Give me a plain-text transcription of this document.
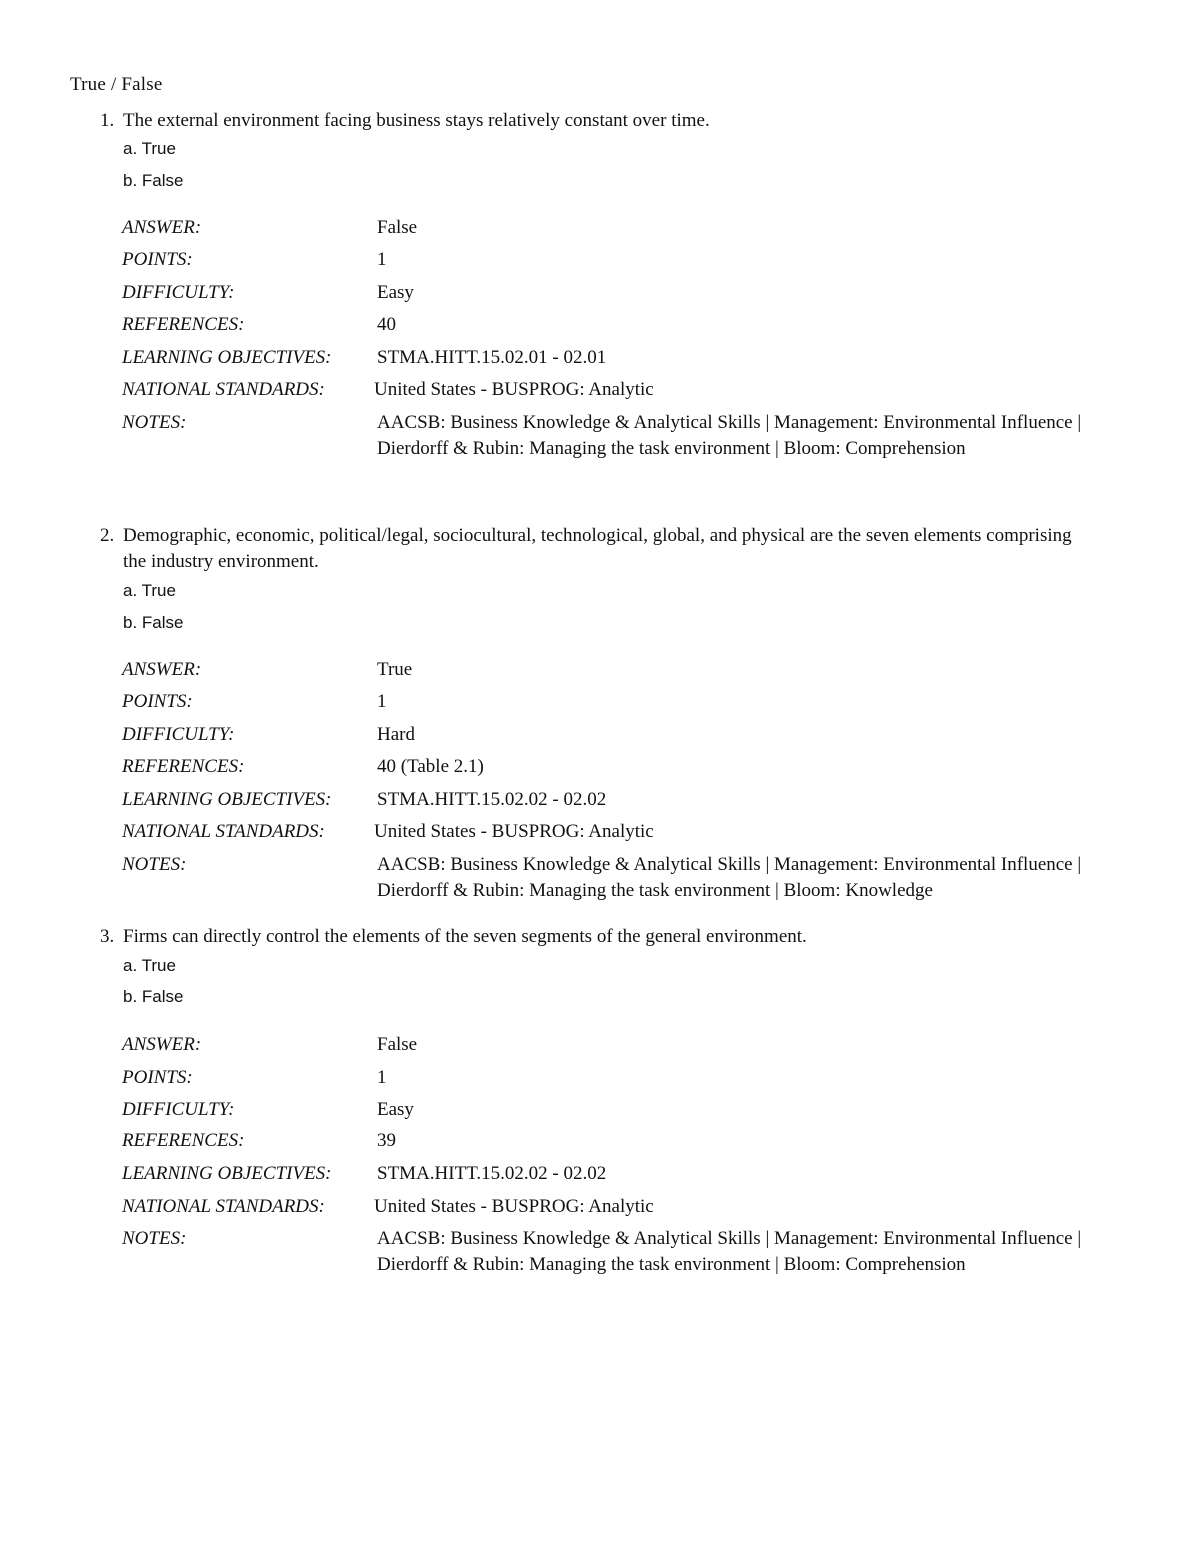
True / False
1. The external environment facing business stays relatively constant over time.
a. True
b. False
ANSWER:	False
POINTS:	1
DIFFICULTY:	Easy
REFERENCES:	40
LEARNING OBJECTIVES: STMA.HITT.15.02.01 - 02.01
NATIONAL STANDARDS:	United States - BUSPROG: Analytic
NOTES:	AACSB: Business Knowledge & Analytical Skills | Management: Environmental Influence | Dierdorff & Rubin: Managing the task environment | Bloom: Comprehension
2. Demographic, economic, political/legal, sociocultural, technological, global, and physical are the seven elements comprising the industry environment.
a. True
b. False
ANSWER:	True
POINTS:	1
DIFFICULTY:	Hard
REFERENCES:	40 (Table 2.1)
LEARNING OBJECTIVES: STMA.HITT.15.02.02 - 02.02
NATIONAL STANDARDS:	United States - BUSPROG: Analytic
NOTES:	AACSB: Business Knowledge & Analytical Skills | Management: Environmental Influence | Dierdorff & Rubin: Managing the task environment | Bloom: Knowledge
3. Firms can directly control the elements of the seven segments of the general environment.
a. True
b. False
ANSWER:	False
POINTS:	1
DIFFICULTY:	Easy
REFERENCES:	39
LEARNING OBJECTIVES: STMA.HITT.15.02.02 - 02.02
NATIONAL STANDARDS:	United States - BUSPROG: Analytic
NOTES:	AACSB: Business Knowledge & Analytical Skills | Management: Environmental Influence | Dierdorff & Rubin: Managing the task environment | Bloom: Comprehension
